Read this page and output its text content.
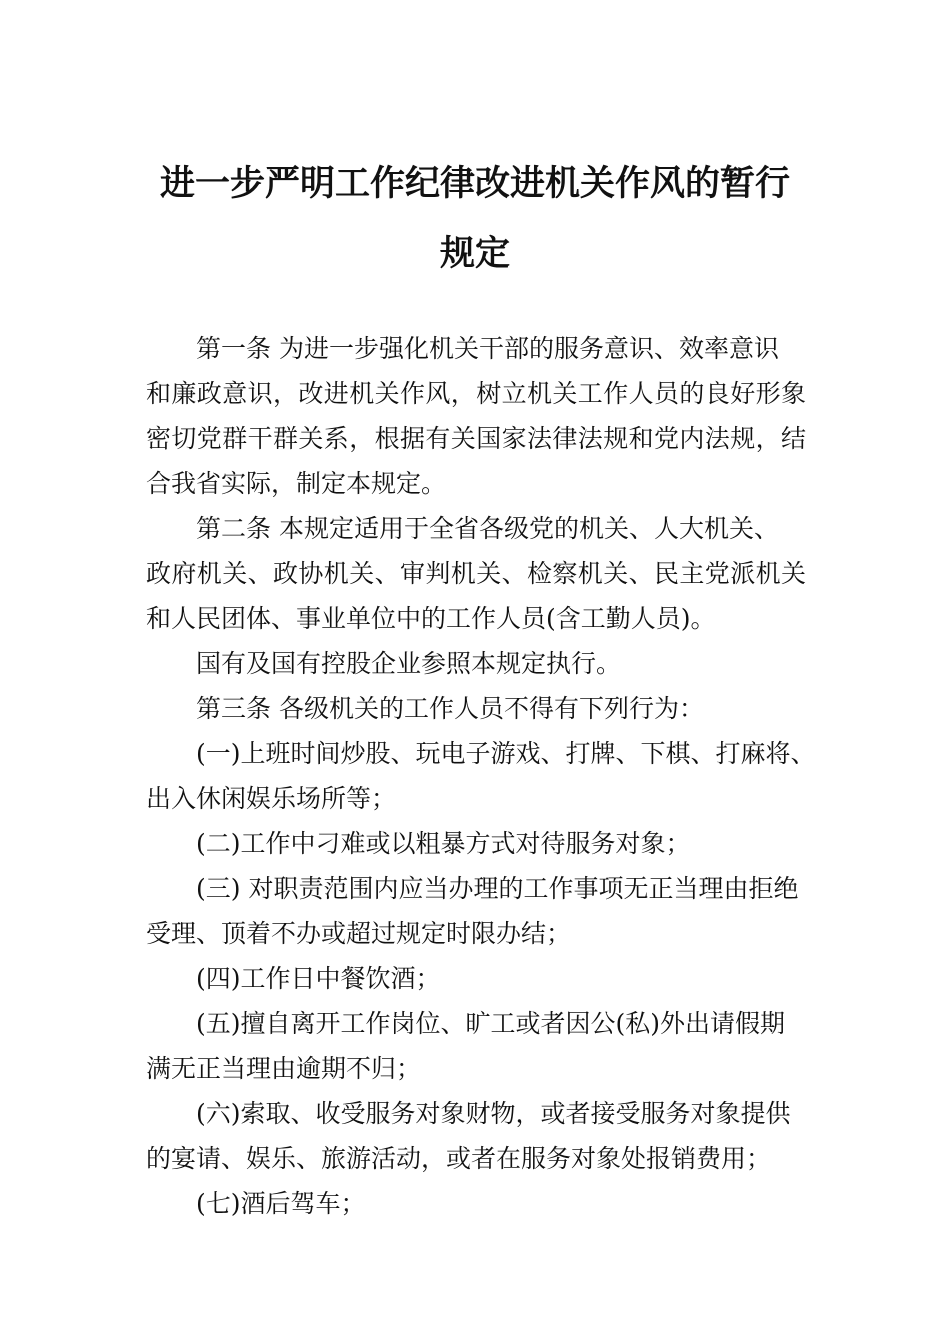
进一步严明工作纪律改进机关作风的暂行
规定
第一条 为进一步强化机关干部的服务意识、效率意识
和廉政意识，改进机关作风，树立机关工作人员的良好形象
密切党群干群关系，根据有关国家法律法规和党内法规，结
合我省实际，制定本规定。
第二条 本规定适用于全省各级党的机关、人大机关、
政府机关、政协机关、审判机关、检察机关、民主党派机关
和人民团体、事业单位中的工作人员(含工勤人员)。
国有及国有控股企业参照本规定执行。
第三条 各级机关的工作人员不得有下列行为：
(一)上班时间炒股、玩电子游戏、打牌、下棋、打麻将、
出入休闲娱乐场所等；
(二)工作中刁难或以粗暴方式对待服务对象；
(三) 对职责范围内应当办理的工作事项无正当理由拒绝
受理、顶着不办或超过规定时限办结；
(四)工作日中餐饮酒；
(五)擅自离开工作岗位、旷工或者因公(私)外出请假期
满无正当理由逾期不归；
(六)索取、收受服务对象财物，或者接受服务对象提供
的宴请、娱乐、旅游活动，或者在服务对象处报销费用；
(七)酒后驾车；
